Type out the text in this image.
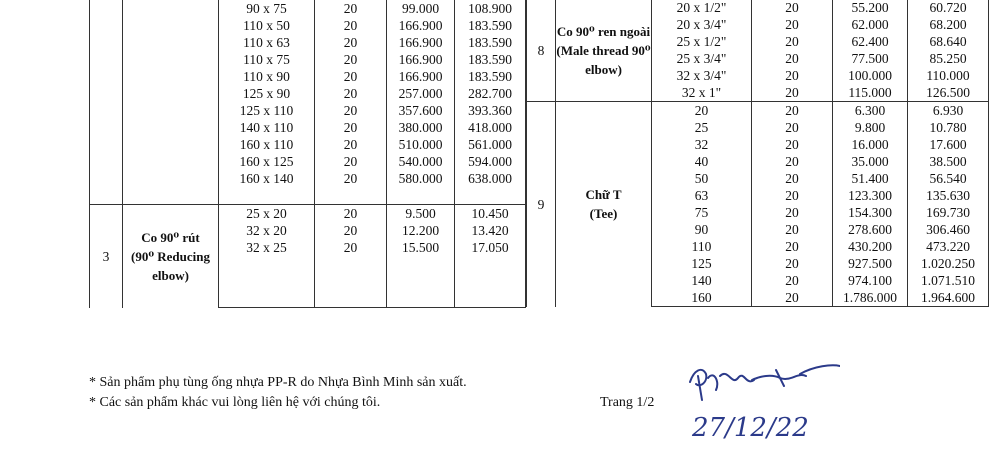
		90 x 75	20	99.000	108.900
		110 x 50	20	166.900	183.590
		110 x 63	20	166.900	183.590
		110 x 75	20	166.900	183.590
		110 x 90	20	166.900	183.590
		125 x 90	20	257.000	282.700
		125 x 110	20	357.600	393.360
		140 x 110	20	380.000	418.000
		160 x 110	20	510.000	561.000
		160 x 125	20	540.000	594.000
		160 x 140	20	580.000	638.000

3	Co 90⁰ rút
(90⁰ Reducing elbow)	25 x 20	20	9.500	10.450
		32 x 20	20	12.200	13.420
		32 x 25	20	15.500	17.050

8	Co 90⁰ ren ngoài
(Male thread 90⁰ elbow)	20 x 1/2"	20	55.200	60.720
		20 x 3/4"	20	62.000	68.200
		25 x 1/2"	20	62.400	68.640
		25 x 3/4"	20	77.500	85.250
		32 x 3/4"	20	100.000	110.000
		32 x 1"	20	115.000	126.500
9	Chữ T
(Tee)	20	20	6.300	6.930
		25	20	9.800	10.780
		32	20	16.000	17.600
		40	20	35.000	38.500
		50	20	51.400	56.540
		63	20	123.300	135.630
		75	20	154.300	169.730
		90	20	278.600	306.460
		110	20	430.200	473.220
		125	20	927.500	1.020.250
		140	20	974.100	1.071.510
		160	20	1.786.000	1.964.600
* Sản phẩm phụ tùng ống nhựa PP-R do Nhựa Bình Minh sản xuất.
* Các sản phẩm khác vui lòng liên hệ với chúng tôi.	Trang 1/2
27/12/22
